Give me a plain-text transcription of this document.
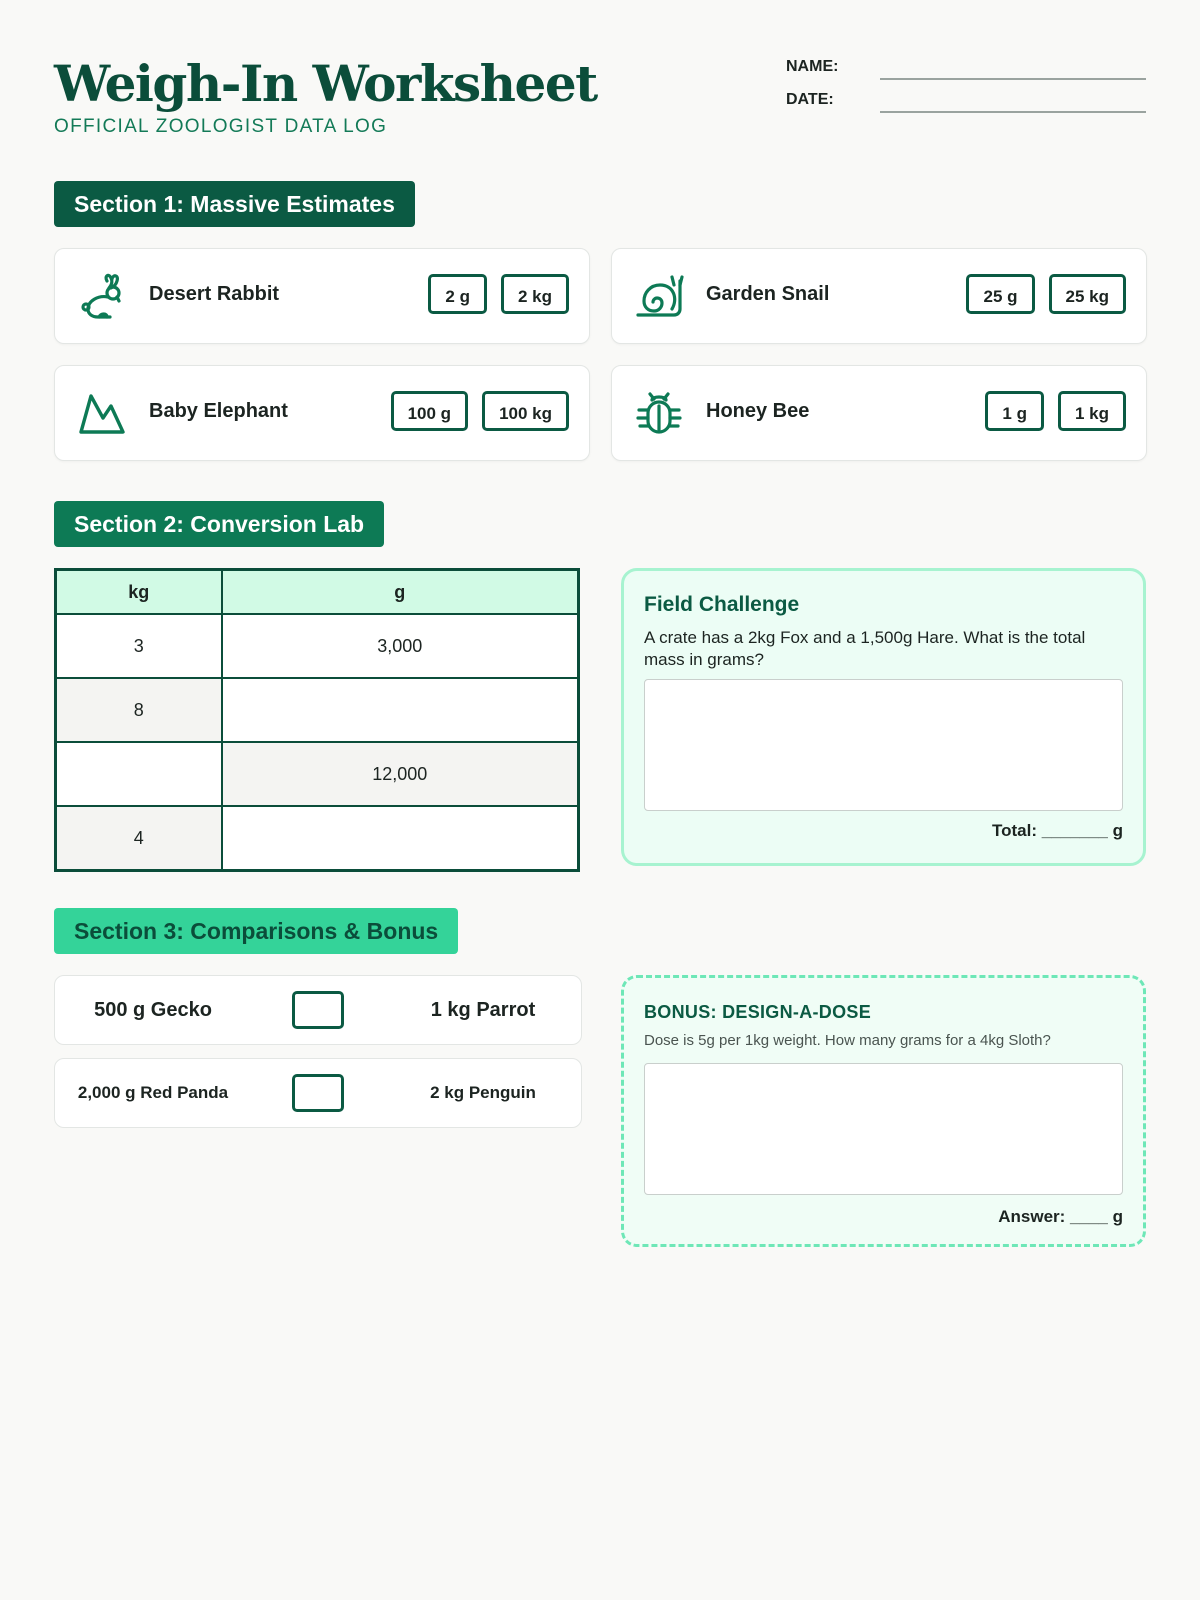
Weigh-In Worksheet
OFFICIAL ZOOLOGIST DATA LOG
NAME:
DATE:
Section 1: Massive Estimates
Desert Rabbit	2 g	2 kg	Garden Snail	25 g	25 kg
Baby Elephant	100 g	100 kg	Honey Bee	1 g	1 kg
Section 2: Conversion Lab
kg	g
3	3,000
8	
	12,000
4	
Field Challenge
A crate has a 2kg Fox and a 1,500g Hare. What is the total mass in grams?
Total: _______ g
Section 3: Comparisons & Bonus
500 g Gecko	1 kg Parrot
2,000 g Red Panda	2 kg Penguin
BONUS: DESIGN-A-DOSE
Dose is 5g per 1kg weight. How many grams for a 4kg Sloth?
Answer: ____ g
